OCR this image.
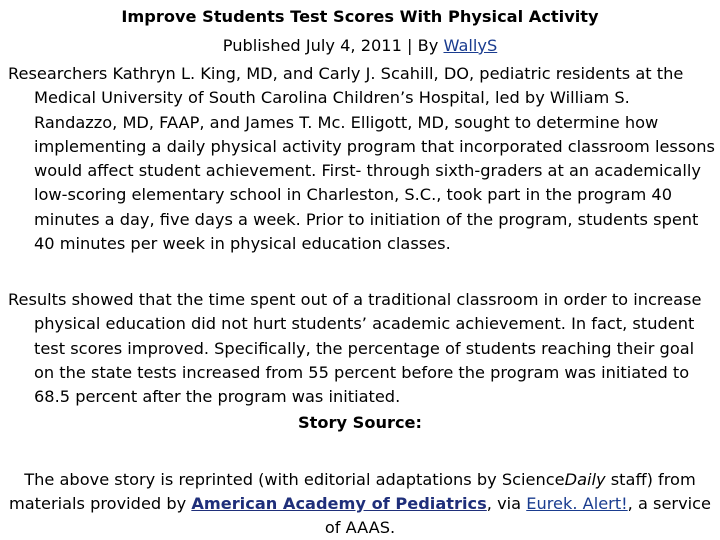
Improve Students Test Scores With Physical Activity
Published July 4, 2011 | By WallyS
Researchers Kathryn L. King, MD, and Carly J. Scahill, DO, pediatric residents at the
Medical University of South Carolina Children’s Hospital, led by William S.
Randazzo, MD, FAAP, and James T. Mc. Elligott, MD, sought to determine how
implementing a daily physical activity program that incorporated classroom lessons
would affect student achievement. First- through sixth-graders at an academically
low-scoring elementary school in Charleston, S.C., took part in the program 40
minutes a day, five days a week. Prior to initiation of the program, students spent
40 minutes per week in physical education classes.
Results showed that the time spent out of a traditional classroom in order to increase
physical education did not hurt students’ academic achievement. In fact, student
test scores improved. Specifically, the percentage of students reaching their goal
on the state tests increased from 55 percent before the program was initiated to
68.5 percent after the program was initiated.
Story Source:
The above story is reprinted (with editorial adaptations by ScienceDaily staff) from
materials provided by American Academy of Pediatrics, via Eurek. Alert!, a service
of AAAS.
